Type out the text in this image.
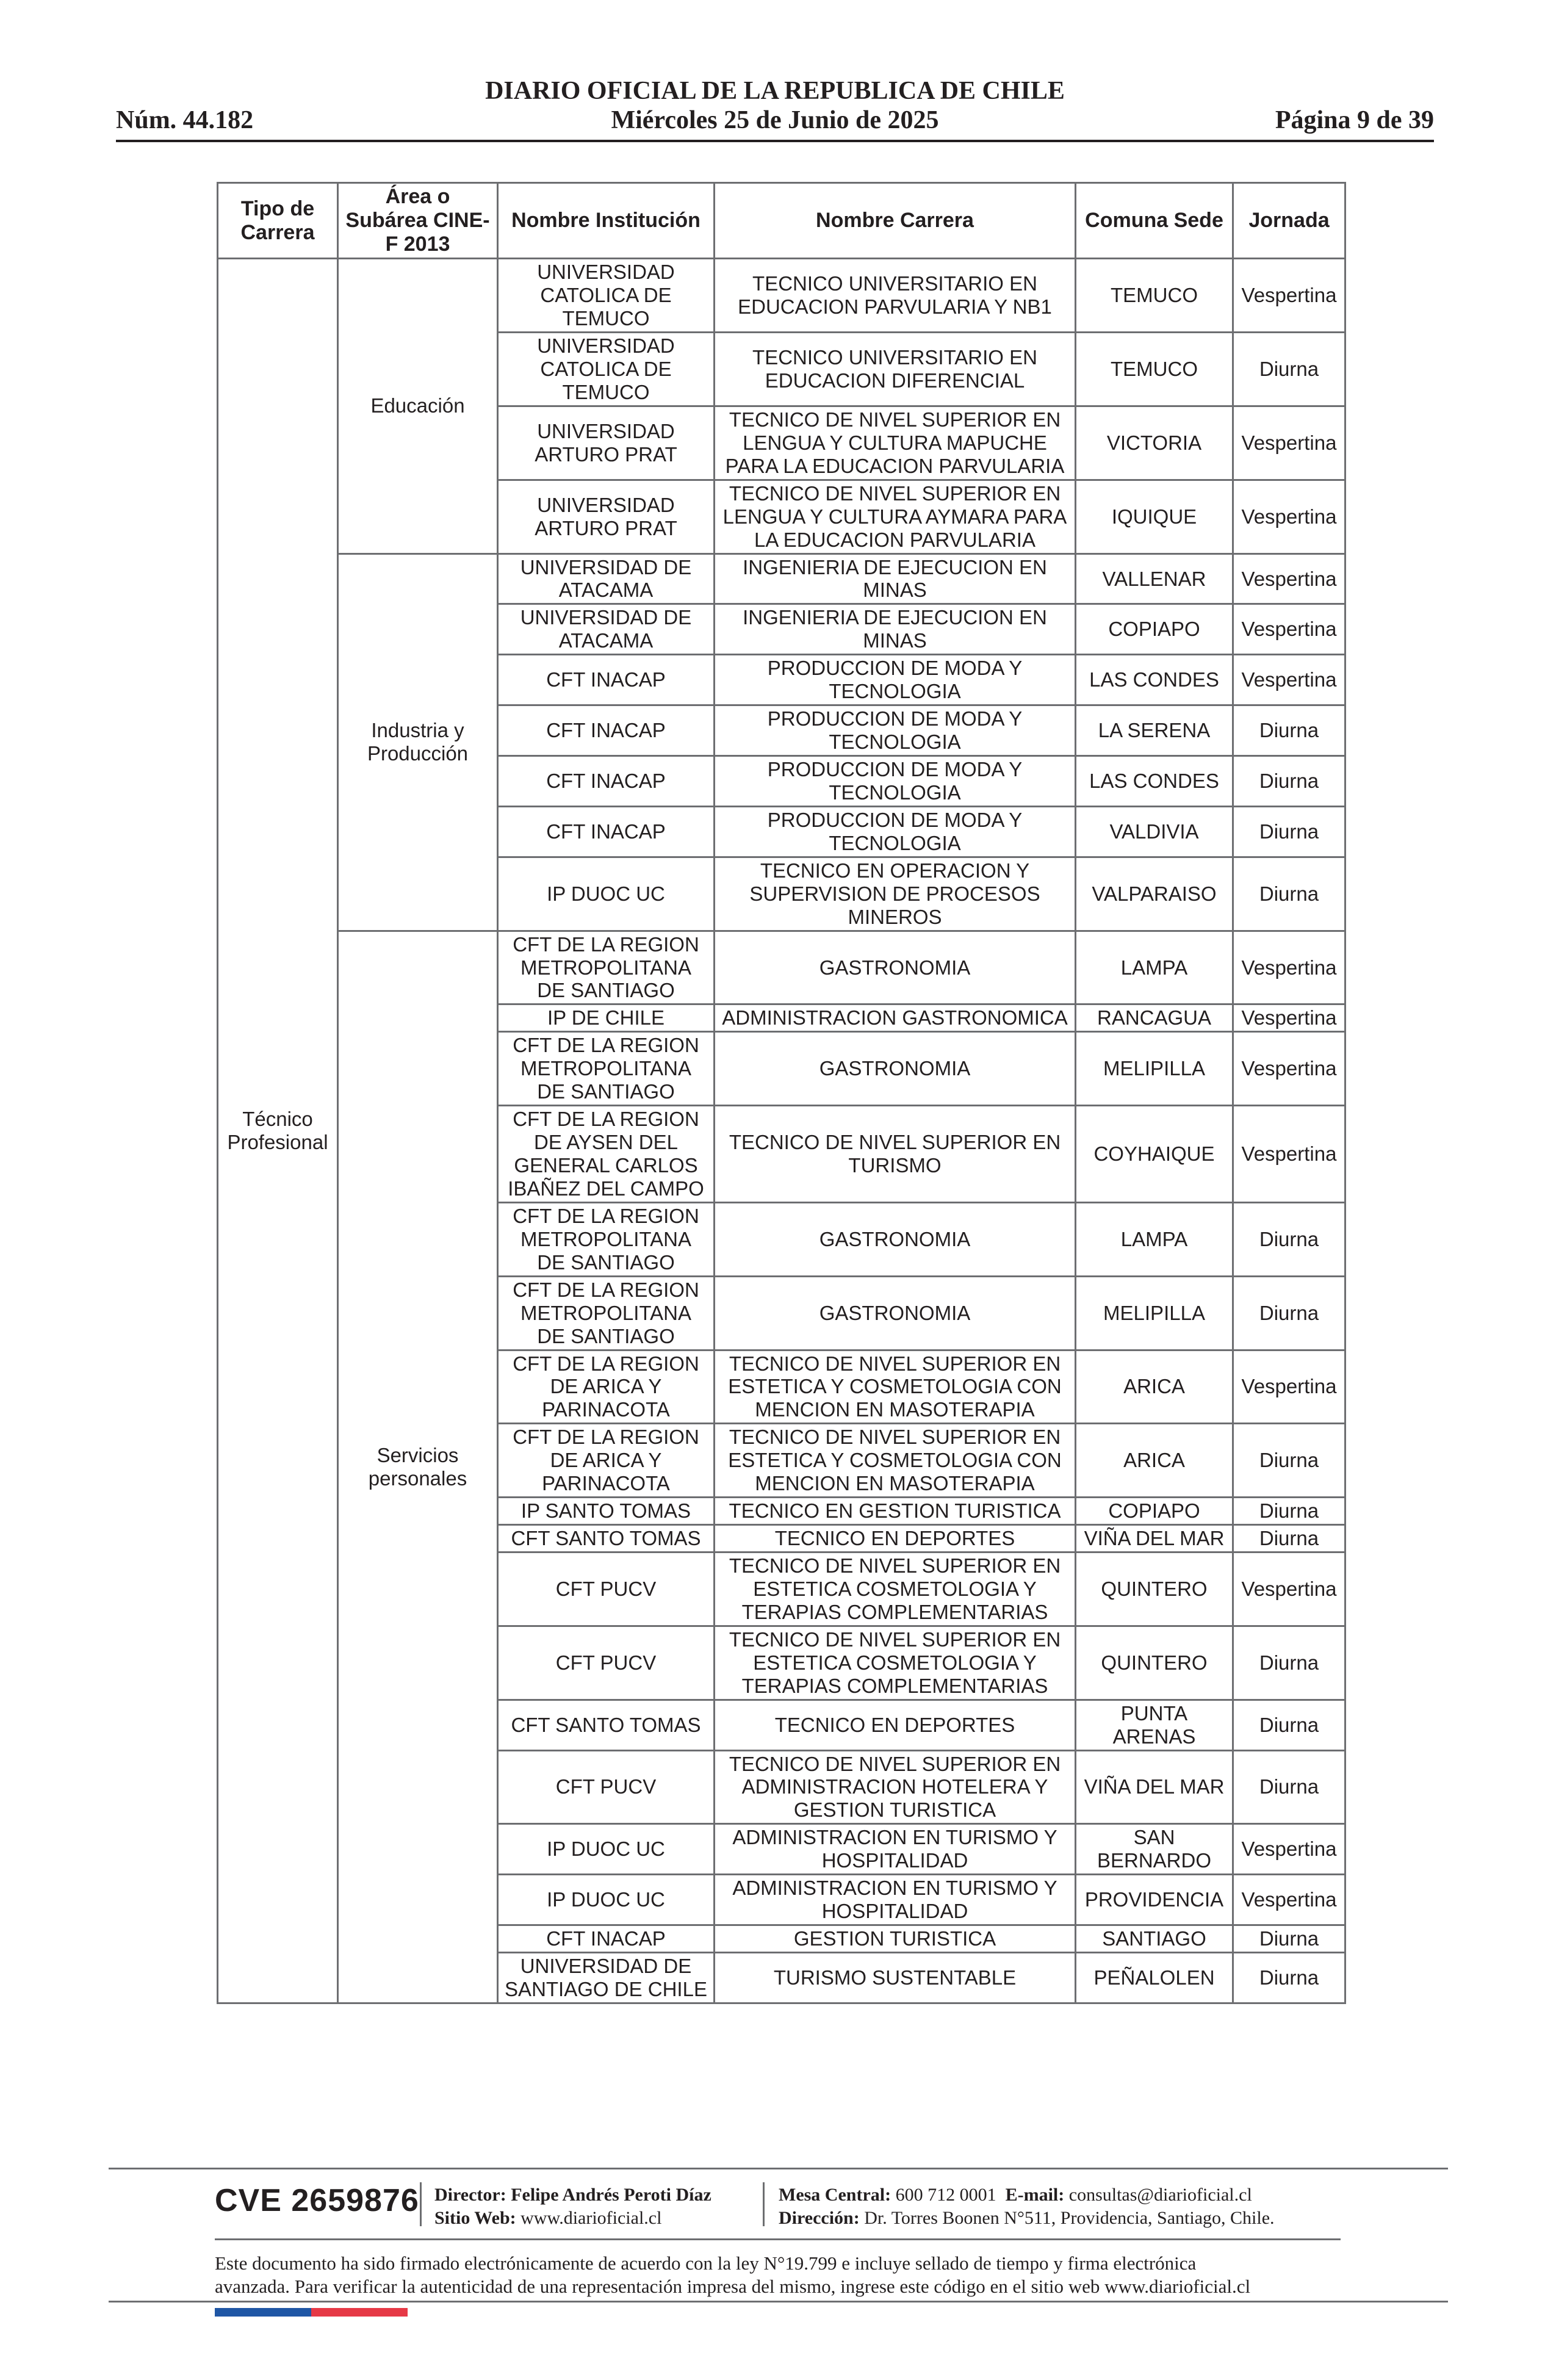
DIARIO OFICIAL DE LA REPUBLICA DE CHILE
Núm. 44.182	Miércoles 25 de Junio de 2025	Página 9 de 39
Tipo de Carrera	Área o Subárea CINE-F 2013	Nombre Institución	Nombre Carrera	Comuna Sede	Jornada
Técnico Profesional	Educación	UNIVERSIDAD CATOLICA DE TEMUCO	TECNICO UNIVERSITARIO EN EDUCACION PARVULARIA Y NB1	TEMUCO	Vespertina
		UNIVERSIDAD CATOLICA DE TEMUCO	TECNICO UNIVERSITARIO EN EDUCACION DIFERENCIAL	TEMUCO	Diurna
		UNIVERSIDAD ARTURO PRAT	TECNICO DE NIVEL SUPERIOR EN LENGUA Y CULTURA MAPUCHE PARA LA EDUCACION PARVULARIA	VICTORIA	Vespertina
		UNIVERSIDAD ARTURO PRAT	TECNICO DE NIVEL SUPERIOR EN LENGUA Y CULTURA AYMARA PARA LA EDUCACION PARVULARIA	IQUIQUE	Vespertina
	Industria y Producción	UNIVERSIDAD DE ATACAMA	INGENIERIA DE EJECUCION EN MINAS	VALLENAR	Vespertina
		UNIVERSIDAD DE ATACAMA	INGENIERIA DE EJECUCION EN MINAS	COPIAPO	Vespertina
		CFT INACAP	PRODUCCION DE MODA Y TECNOLOGIA	LAS CONDES	Vespertina
		CFT INACAP	PRODUCCION DE MODA Y TECNOLOGIA	LA SERENA	Diurna
		CFT INACAP	PRODUCCION DE MODA Y TECNOLOGIA	LAS CONDES	Diurna
		CFT INACAP	PRODUCCION DE MODA Y TECNOLOGIA	VALDIVIA	Diurna
		IP DUOC UC	TECNICO EN OPERACION Y SUPERVISION DE PROCESOS MINEROS	VALPARAISO	Diurna
	Servicios personales	CFT DE LA REGION METROPOLITANA DE SANTIAGO	GASTRONOMIA	LAMPA	Vespertina
		IP DE CHILE	ADMINISTRACION GASTRONOMICA	RANCAGUA	Vespertina
		CFT DE LA REGION METROPOLITANA DE SANTIAGO	GASTRONOMIA	MELIPILLA	Vespertina
		CFT DE LA REGION DE AYSEN DEL GENERAL CARLOS IBAÑEZ DEL CAMPO	TECNICO DE NIVEL SUPERIOR EN TURISMO	COYHAIQUE	Vespertina
		CFT DE LA REGION METROPOLITANA DE SANTIAGO	GASTRONOMIA	LAMPA	Diurna
		CFT DE LA REGION METROPOLITANA DE SANTIAGO	GASTRONOMIA	MELIPILLA	Diurna
		CFT DE LA REGION DE ARICA Y PARINACOTA	TECNICO DE NIVEL SUPERIOR EN ESTETICA Y COSMETOLOGIA CON MENCION EN MASOTERAPIA	ARICA	Vespertina
		CFT DE LA REGION DE ARICA Y PARINACOTA	TECNICO DE NIVEL SUPERIOR EN ESTETICA Y COSMETOLOGIA CON MENCION EN MASOTERAPIA	ARICA	Diurna
		IP SANTO TOMAS	TECNICO EN GESTION TURISTICA	COPIAPO	Diurna
		CFT SANTO TOMAS	TECNICO EN DEPORTES	VIÑA DEL MAR	Diurna
		CFT PUCV	TECNICO DE NIVEL SUPERIOR EN ESTETICA COSMETOLOGIA Y TERAPIAS COMPLEMENTARIAS	QUINTERO	Vespertina
		CFT PUCV	TECNICO DE NIVEL SUPERIOR EN ESTETICA COSMETOLOGIA Y TERAPIAS COMPLEMENTARIAS	QUINTERO	Diurna
		CFT SANTO TOMAS	TECNICO EN DEPORTES	PUNTA ARENAS	Diurna
		CFT PUCV	TECNICO DE NIVEL SUPERIOR EN ADMINISTRACION HOTELERA Y GESTION TURISTICA	VIÑA DEL MAR	Diurna
		IP DUOC UC	ADMINISTRACION EN TURISMO Y HOSPITALIDAD	SAN BERNARDO	Vespertina
		IP DUOC UC	ADMINISTRACION EN TURISMO Y HOSPITALIDAD	PROVIDENCIA	Vespertina
		CFT INACAP	GESTION TURISTICA	SANTIAGO	Diurna
		UNIVERSIDAD DE SANTIAGO DE CHILE	TURISMO SUSTENTABLE	PEÑALOLEN	Diurna
CVE 2659876 Director: Felipe Andrés Peroti Díaz
Sitio Web: www.diarioficial.cl
Mesa Central: 600 712 0001 E-mail: consultas@diarioficial.cl
Dirección: Dr. Torres Boonen N°511, Providencia, Santiago, Chile.
Este documento ha sido firmado electrónicamente de acuerdo con la ley N°19.799 e incluye sellado de tiempo y firma electrónica
avanzada. Para verificar la autenticidad de una representación impresa del mismo, ingrese este código en el sitio web www.diarioficial.cl
